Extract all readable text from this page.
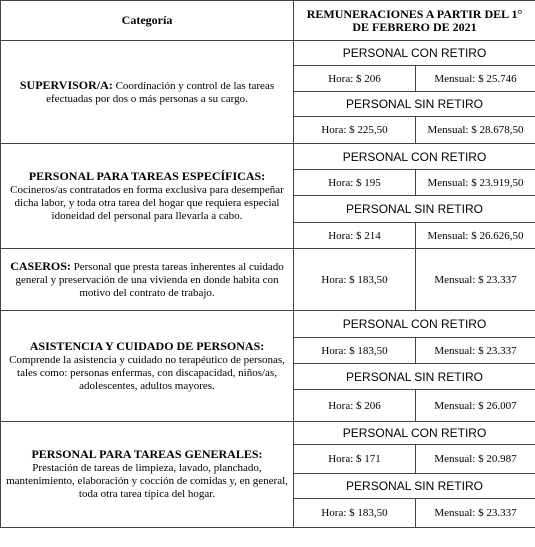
Categoría	REMUNERACIONES A PARTIR DEL 1° DE FEBRERO DE 2021	
SUPERVISOR/A: Coordinación y control de las tareas efectuadas por dos o más personas a su cargo.	PERSONAL CON RETIRO	
	Hora: $ 206	Mensual: $ 25.746
	PERSONAL SIN RETIRO	
	Hora: $ 225,50	Mensual: $ 28.678,50
PERSONAL PARA TAREAS ESPECÍFICAS:
Cocineros/as contratados en forma exclusiva para desempeñar dicha labor, y toda otra tarea del hogar que requiera especial idoneidad del personal para llevarla a cabo.	PERSONAL CON RETIRO	
	Hora: $ 195	Mensual: $ 23.919,50
	PERSONAL SIN RETIRO	
	Hora: $ 214	Mensual: $ 26.626,50
CASEROS: Personal que presta tareas inherentes al cuidado general y preservación de una vivienda en donde habita con motivo del contrato de trabajo.	Hora: $ 183,50	Mensual: $ 23.337
ASISTENCIA Y CUIDADO DE PERSONAS:
Comprende la asistencia y cuidado no terapéutico de personas, tales como: personas enfermas, con discapacidad, niños/as, adolescentes, adultos mayores.	PERSONAL CON RETIRO	
	Hora: $ 183,50	Mensual: $ 23.337
	PERSONAL SIN RETIRO	
	Hora: $ 206	Mensual: $ 26.007
PERSONAL PARA TAREAS GENERALES:
Prestación de tareas de limpieza, lavado, planchado, mantenimiento, elaboración y cocción de comidas y, en general, toda otra tarea típica del hogar.	PERSONAL CON RETIRO	
	Hora: $ 171	Mensual: $ 20.987
	PERSONAL SIN RETIRO	
	Hora: $ 183,50	Mensual: $ 23.337
